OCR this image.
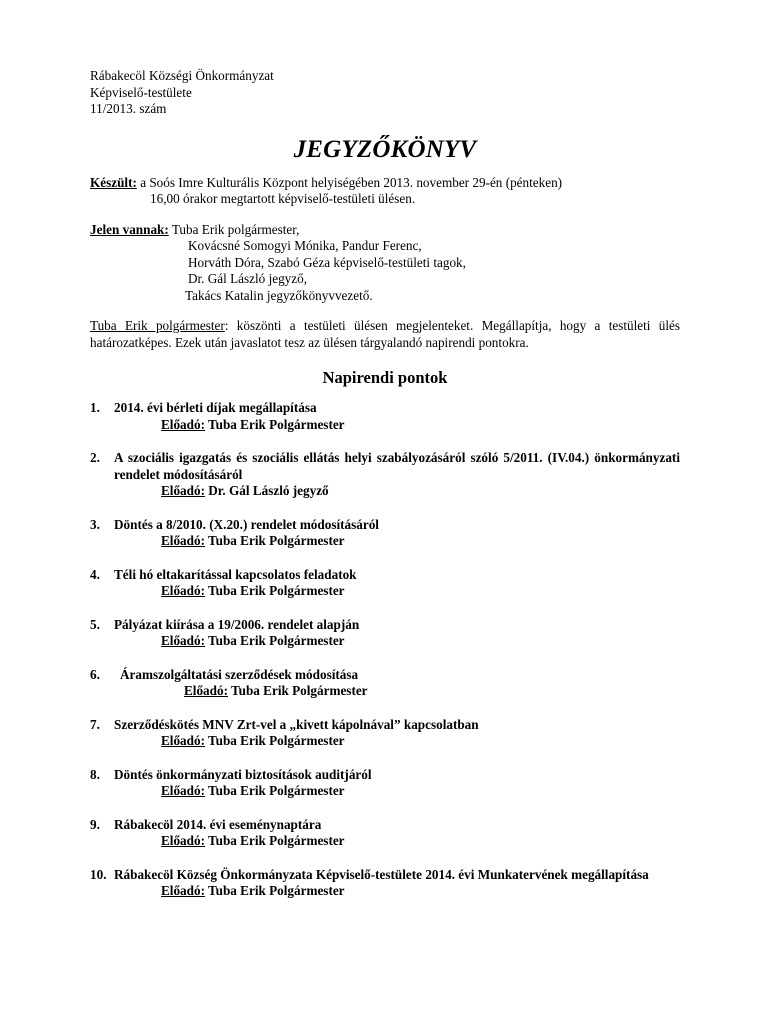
Rábakecöl Községi Önkormányzat

Képviselő-testülete

11/2013. szám

JEGYZŐKÖNYV
Készült: a Soós Imre Kulturális Központ helyiségében 2013. november 29-én (pénteken)
16,00 órakor megtartott képviselő-testületi ülésen.
Jelen vannak: Tuba Erik polgármester,
Kovácsné Somogyi Mónika, Pandur Ferenc,
Horváth Dóra, Szabó Géza képviselő-testületi tagok,
Dr. Gál László jegyző,
Takács Katalin jegyzőkönyvvezető.
Tuba Erik polgármester: köszönti a testületi ülésen megjelenteket. Megállapítja, hogy a testületi ülés határozatképes. Ezek után javaslatot tesz az ülésen tárgyalandó napirendi pontokra.
Napirendi pontok
1. 2014. évi bérleti díjak megállapítása
Előadó: Tuba Erik Polgármester
2. A szociális igazgatás és szociális ellátás helyi szabályozásáról szóló 5/2011. (IV.04.) önkormányzati rendelet módosításáról
Előadó: Dr. Gál László jegyző
3. Döntés a 8/2010. (X.20.) rendelet módosításáról
Előadó: Tuba Erik Polgármester
4. Téli hó eltakarítással kapcsolatos feladatok
Előadó: Tuba Erik Polgármester
5. Pályázat kiírása a 19/2006. rendelet alapján
Előadó: Tuba Erik Polgármester
6. Áramszolgáltatási szerződések módosítása
Előadó: Tuba Erik Polgármester
7. Szerződéskötés MNV Zrt-vel a „kivett kápolnával” kapcsolatban
Előadó: Tuba Erik Polgármester
8. Döntés önkormányzati biztosítások auditjáról
Előadó: Tuba Erik Polgármester
9. Rábakecöl 2014. évi eseménynaptára
Előadó: Tuba Erik Polgármester
10. Rábakecöl Község Önkormányzata Képviselő-testülete 2014. évi Munkatervének megállapítása
Előadó: Tuba Erik Polgármester
